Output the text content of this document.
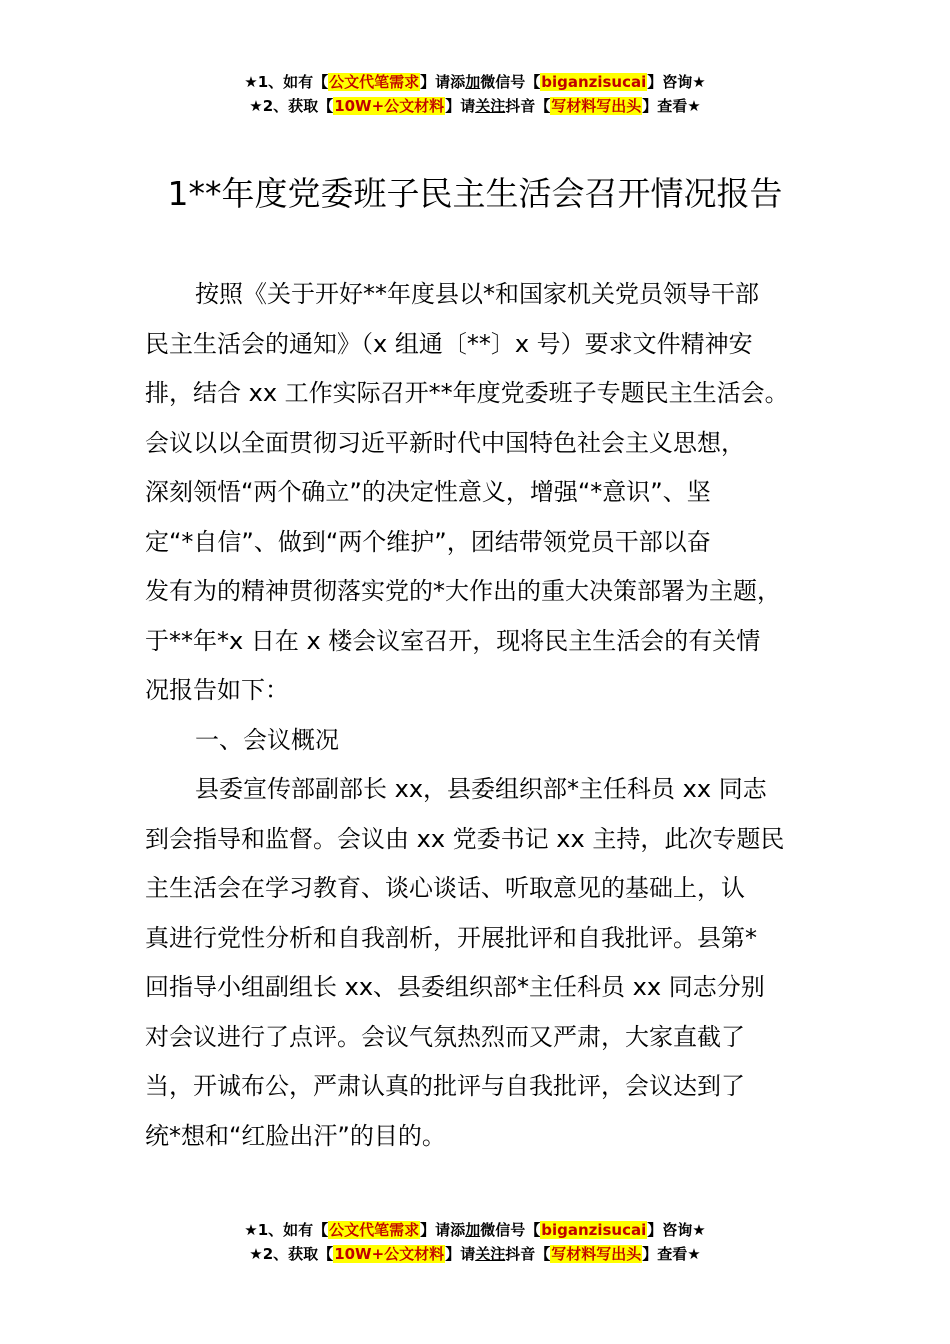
★1、如有【公文代笔需求】请添加微信号【biganzisucai】咨询★
★2、获取【10W+公文材料】请关注抖音【写材料写出头】查看★
1**年度党委班子民主生活会召开情况报告
按照《关于开好**年度县以*和国家机关党员领导干部
民主生活会的通知》（x 组通〔**〕x 号）要求文件精神安
排，结合 xx 工作实际召开**年度党委班子专题民主生活会。
会议以以全面贯彻习近平新时代中国特色社会主义思想，
深刻领悟“两个确立”的决定性意义，增强“*意识”、坚
定“*自信”、做到“两个维护”，团结带领党员干部以奋
发有为的精神贯彻落实党的*大作出的重大决策部署为主题，
于**年*x 日在 x 楼会议室召开，现将民主生活会的有关情
况报告如下：
一、会议概况
县委宣传部副部长 xx，县委组织部*主任科员 xx 同志
到会指导和监督。会议由 xx 党委书记 xx 主持，此次专题民
主生活会在学习教育、谈心谈话、听取意见的基础上，认
真进行党性分析和自我剖析，开展批评和自我批评。县第*
回指导小组副组长 xx、县委组织部*主任科员 xx 同志分别
对会议进行了点评。会议气氛热烈而又严肃，大家直截了
当，开诚布公，严肃认真的批评与自我批评，会议达到了
统*想和“红脸出汗”的目的。
★1、如有【公文代笔需求】请添加微信号【biganzisucai】咨询★
★2、获取【10W+公文材料】请关注抖音【写材料写出头】查看★
